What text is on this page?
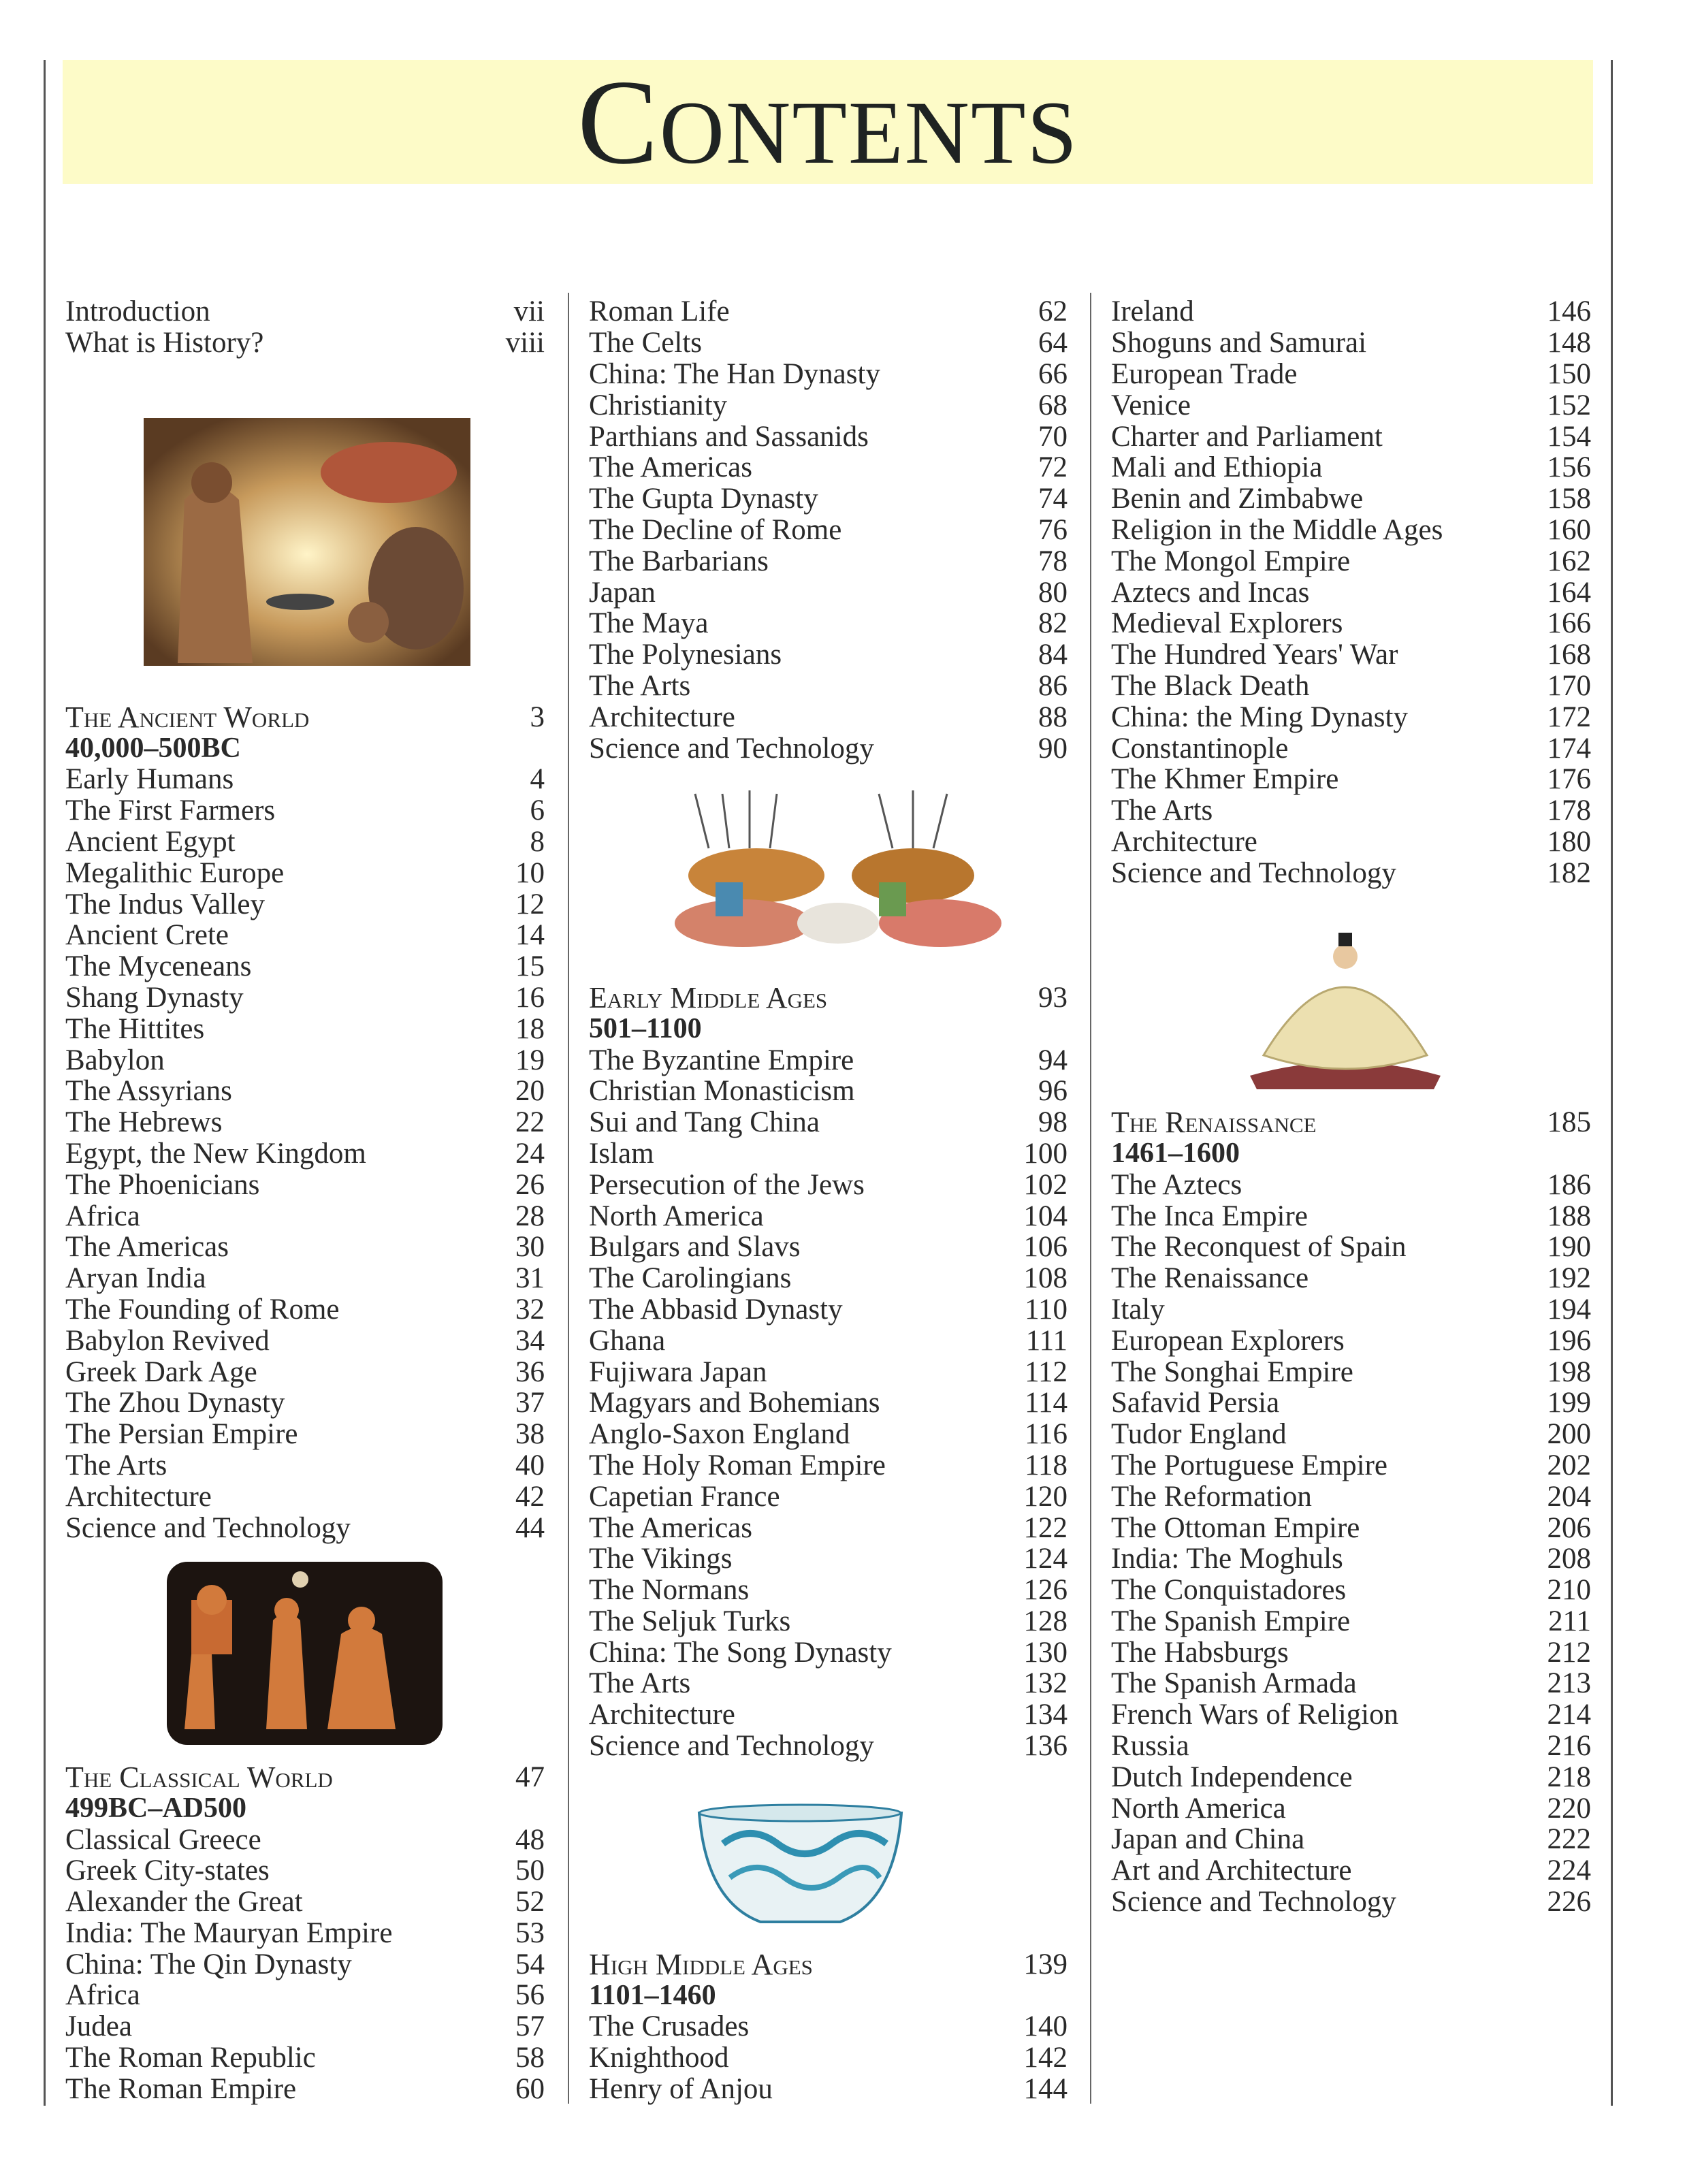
CONTENTS
Introduction	vii
What is History?	viii
The Ancient World	3
40,000–500BC
Early Humans	4
The First Farmers	6
Ancient Egypt	8
Megalithic Europe	10
The Indus Valley	12
Ancient Crete	14
The Myceneans	15
Shang Dynasty	16
The Hittites	18
Babylon	19
The Assyrians	20
The Hebrews	22
Egypt, the New Kingdom	24
The Phoenicians	26
Africa	28
The Americas	30
Aryan India	31
The Founding of Rome	32
Babylon Revived	34
Greek Dark Age	36
The Zhou Dynasty	37
The Persian Empire	38
The Arts	40
Architecture	42
Science and Technology	44
The Classical World	47
499BC–AD500
Classical Greece	48
Greek City-states	50
Alexander the Great	52
India: The Mauryan Empire	53
China: The Qin Dynasty	54
Africa	56
Judea	57
The Roman Republic	58
The Roman Empire	60
Roman Life	62
The Celts	64
China: The Han Dynasty	66
Christianity	68
Parthians and Sassanids	70
The Americas	72
The Gupta Dynasty	74
The Decline of Rome	76
The Barbarians	78
Japan	80
The Maya	82
The Polynesians	84
The Arts	86
Architecture	88
Science and Technology	90
Early Middle Ages	93
501–1100
The Byzantine Empire	94
Christian Monasticism	96
Sui and Tang China	98
Islam	100
Persecution of the Jews	102
North America	104
Bulgars and Slavs	106
The Carolingians	108
The Abbasid Dynasty	110
Ghana	111
Fujiwara Japan	112
Magyars and Bohemians	114
Anglo-Saxon England	116
The Holy Roman Empire	118
Capetian France	120
The Americas	122
The Vikings	124
The Normans	126
The Seljuk Turks	128
China: The Song Dynasty	130
The Arts	132
Architecture	134
Science and Technology	136
High Middle Ages	139
1101–1460
The Crusades	140
Knighthood	142
Henry of Anjou	144
Ireland	146
Shoguns and Samurai	148
European Trade	150
Venice	152
Charter and Parliament	154
Mali and Ethiopia	156
Benin and Zimbabwe	158
Religion in the Middle Ages	160
The Mongol Empire	162
Aztecs and Incas	164
Medieval Explorers	166
The Hundred Years' War	168
The Black Death	170
China: the Ming Dynasty	172
Constantinople	174
The Khmer Empire	176
The Arts	178
Architecture	180
Science and Technology	182
The Renaissance	185
1461–1600
The Aztecs	186
The Inca Empire	188
The Reconquest of Spain	190
The Renaissance	192
Italy	194
European Explorers	196
The Songhai Empire	198
Safavid Persia	199
Tudor England	200
The Portuguese Empire	202
The Reformation	204
The Ottoman Empire	206
India: The Moghuls	208
The Conquistadores	210
The Spanish Empire	211
The Habsburgs	212
The Spanish Armada	213
French Wars of Religion	214
Russia	216
Dutch Independence	218
North America	220
Japan and China	222
Art and Architecture	224
Science and Technology	226
